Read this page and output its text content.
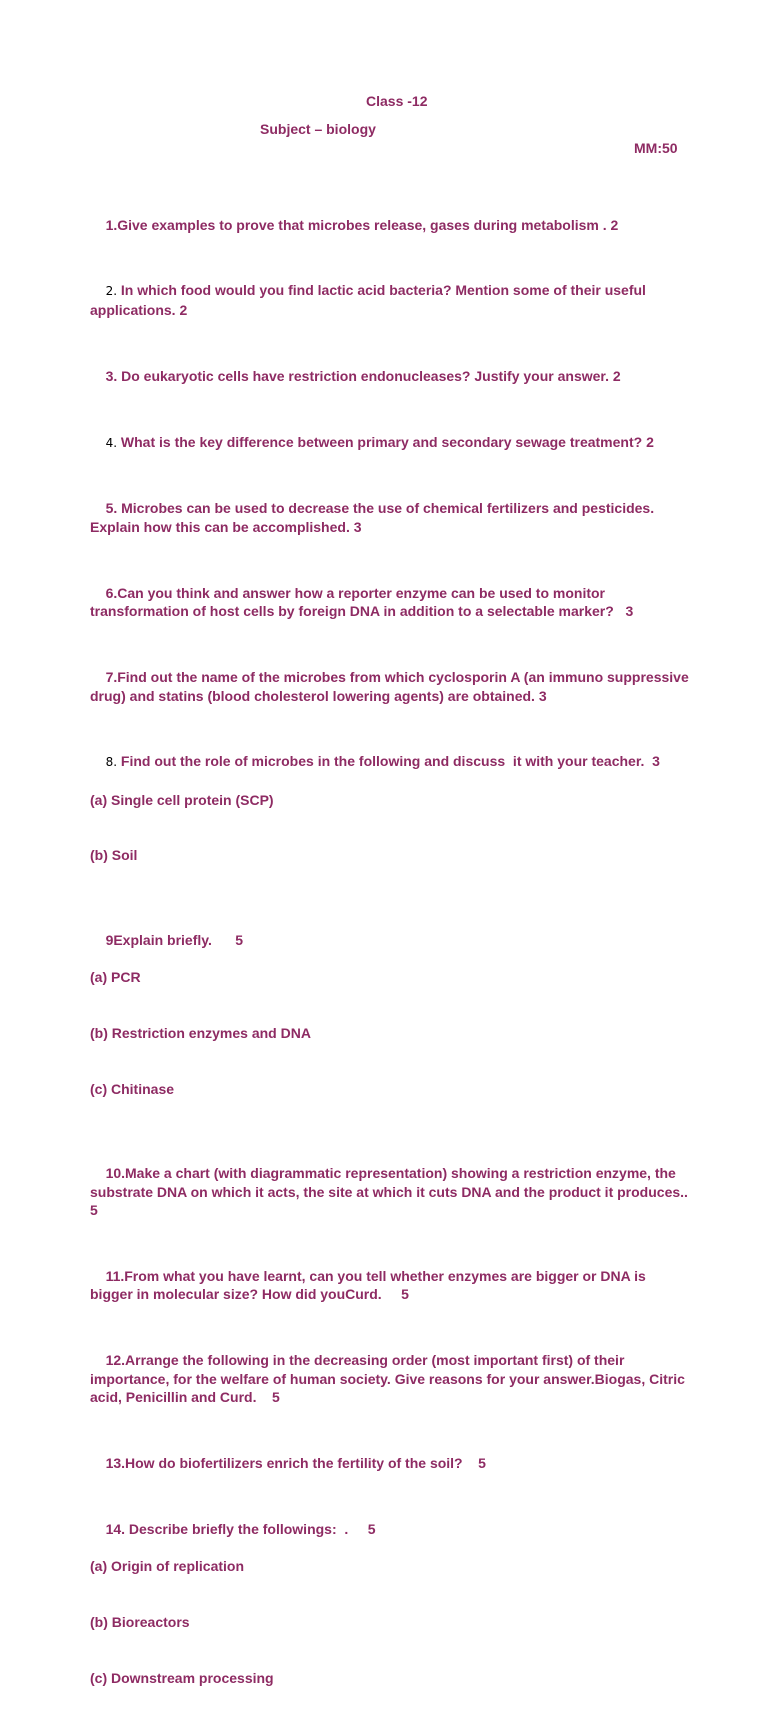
Class -12
Subject – biology
MM:50

1.Give examples to prove that microbes release, gases during metabolism . 2

2. In which food would you find lactic acid bacteria? Mention some of their useful applications. 2

3. Do eukaryotic cells have restriction endonucleases? Justify your answer. 2

4. What is the key difference between primary and secondary sewage treatment? 2

5. Microbes can be used to decrease the use of chemical fertilizers and pesticides. Explain how this can be accomplished. 3

6.Can you think and answer how a reporter enzyme can be used to monitor transformation of host cells by foreign DNA in addition to a selectable marker?   3

7.Find out the name of the microbes from which cyclosporin A (an immuno suppressive drug) and statins (blood cholesterol lowering agents) are obtained. 3

8. Find out the role of microbes in the following and discuss  it with your teacher.  3

(a) Single cell protein (SCP)

(b) Soil

9Explain briefly.      5

(a) PCR

(b) Restriction enzymes and DNA

(c) Chitinase

10.Make a chart (with diagrammatic representation) showing a restriction enzyme, the substrate DNA on which it acts, the site at which it cuts DNA and the product it produces..     5

11.From what you have learnt, can you tell whether enzymes are bigger or DNA is bigger in molecular size? How did youCurd.     5

12.Arrange the following in the decreasing order (most important first) of their importance, for the welfare of human society. Give reasons for your answer.Biogas, Citric acid, Penicillin and Curd.    5

13.How do biofertilizers enrich the fertility of the soil?    5

14. Describe briefly the followings:  .     5

(a) Origin of replication

(b) Bioreactors

(c) Downstream processing
